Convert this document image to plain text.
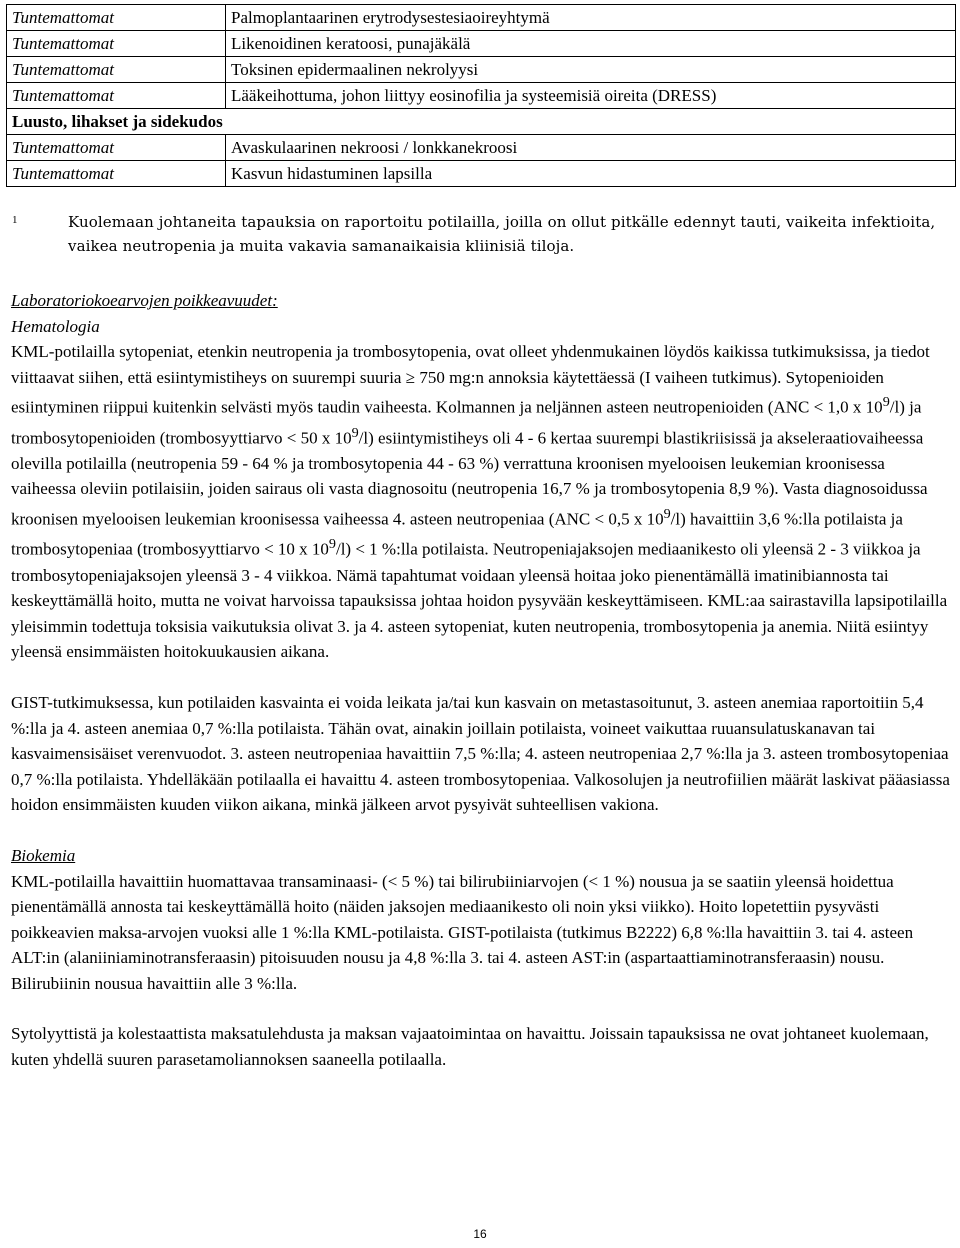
Tuntemattomat	Palmoplantaarinen erytrodysestesiaoireyhtymä
Tuntemattomat	Likenoidinen keratoosi, punajäkälä
Tuntemattomat	Toksinen epidermaalinen nekrolyysi
Tuntemattomat	Lääkeihottuma, johon liittyy eosinofilia ja systeemisiä oireita (DRESS)
Luusto, lihakset ja sidekudos	
Tuntemattomat	Avaskulaarinen nekroosi / lonkkanekroosi
Tuntemattomat	Kasvun hidastuminen lapsilla
1	Kuolemaan johtaneita tapauksia on raportoitu potilailla, joilla on ollut pitkälle edennyt tauti, vaikeita infektioita, vaikea neutropenia ja muita vakavia samanaikaisia kliinisiä tiloja.

Laboratoriokoearvojen poikkeavuudet:

Hematologia

KML-potilailla sytopeniat, etenkin neutropenia ja trombosytopenia, ovat olleet yhdenmukainen löydös kaikissa tutkimuksissa, ja tiedot viittaavat siihen, että esiintymistiheys on suurempi suuria ≥ 750 mg:n annoksia käytettäessä (I vaiheen tutkimus). Sytopenioiden esiintyminen riippui kuitenkin selvästi myös taudin vaiheesta. Kolmannen ja neljännen asteen neutropenioiden (ANC < 1,0 x $10^9/l$) ja trombosytopenioiden (trombosyyttiarvo < 50 x $10^9/l$) esiintymistiheys oli 4 - 6 kertaa suurempi blastikriisissä ja akseleraatiovaiheessa olevilla potilailla (neutropenia 59 - 64 % ja trombosytopenia 44 - 63 %) verrattuna kroonisen myelooisen leukemian kroonisessa vaiheessa oleviin potilaisiin, joiden sairaus oli vasta diagnosoitu (neutropenia 16,7 % ja trombosytopenia 8,9 %). Vasta diagnosoidussa kroonisen myelooisen leukemian kroonisessa vaiheessa 4. asteen neutropeniaa (ANC < 0,5 x $10^9/l$) havaittiin 3,6 %:lla potilaista ja trombosytopeniaa (trombosyyttiarvo < 10 x $10^9/l) < 1$ %:lla potilaista. Neutropeniajaksojen mediaanikesto oli yleensä 2 - 3 viikkoa ja trombosytopeniajaksojen yleensä 3 - 4 viikkoa. Nämä tapahtumat voidaan yleensä hoitaa joko pienentämällä imatinibiannosta tai keskeyttämällä hoito, mutta ne voivat harvoissa tapauksissa johtaa hoidon pysyvään keskeyttämiseen. KML:aa sairastavilla lapsipotilailla yleisimmin todettuja toksisia vaikutuksia olivat 3. ja 4. asteen sytopeniat, kuten neutropenia, trombosytopenia ja anemia. Niitä esiintyy yleensä ensimmäisten hoitokuukausien aikana.

GIST-tutkimuksessa, kun potilaiden kasvainta ei voida leikata ja/tai kun kasvain on metastasoitunut, 3. asteen anemiaa raportoitiin 5,4 %:lla ja 4. asteen anemiaa 0,7 %:lla potilaista. Tähän ovat, ainakin joillain potilaista, voineet vaikuttaa ruuansulatuskanavan tai kasvaimensisäiset verenvuodot. 3. asteen neutropeniaa havaittiin 7,5 %:lla; 4. asteen neutropeniaa 2,7 %:lla ja 3. asteen trombosytopeniaa 0,7 %:lla potilaista. Yhdelläkään potilaalla ei havaittu 4. asteen trombosytopeniaa. Valkosolujen ja neutrofiilien määrät laskivat pääasiassa hoidon ensimmäisten kuuden viikon aikana, minkä jälkeen arvot pysyivät suhteellisen vakiona.

Biokemia

KML-potilailla havaittiin huomattavaa transaminaasi- (< 5 %) tai bilirubiiniarvojen (< 1 %) nousua ja se saatiin yleensä hoidettua pienentämällä annosta tai keskeyttämällä hoito (näiden jaksojen mediaanikesto oli noin yksi viikko). Hoito lopetettiin pysyvästi poikkeavien maksa-arvojen vuoksi alle 1 %:lla KML-potilaista. GIST-potilaista (tutkimus B2222) 6,8 %:lla havaittiin 3. tai 4. asteen ALT:in (alaniiniaminotransferaasin) pitoisuuden nousu ja 4,8 %:lla 3. tai 4. asteen AST:in (aspartaattiaminotransferaasin) nousu. Bilirubiinin nousua havaittiin alle 3 %:lla.

Sytolyyttistä ja kolestaattista maksatulehdusta ja maksan vajaatoimintaa on havaittu. Joissain tapauksissa ne ovat johtaneet kuolemaan, kuten yhdellä suuren parasetamoliannoksen saaneella potilaalla.

16
